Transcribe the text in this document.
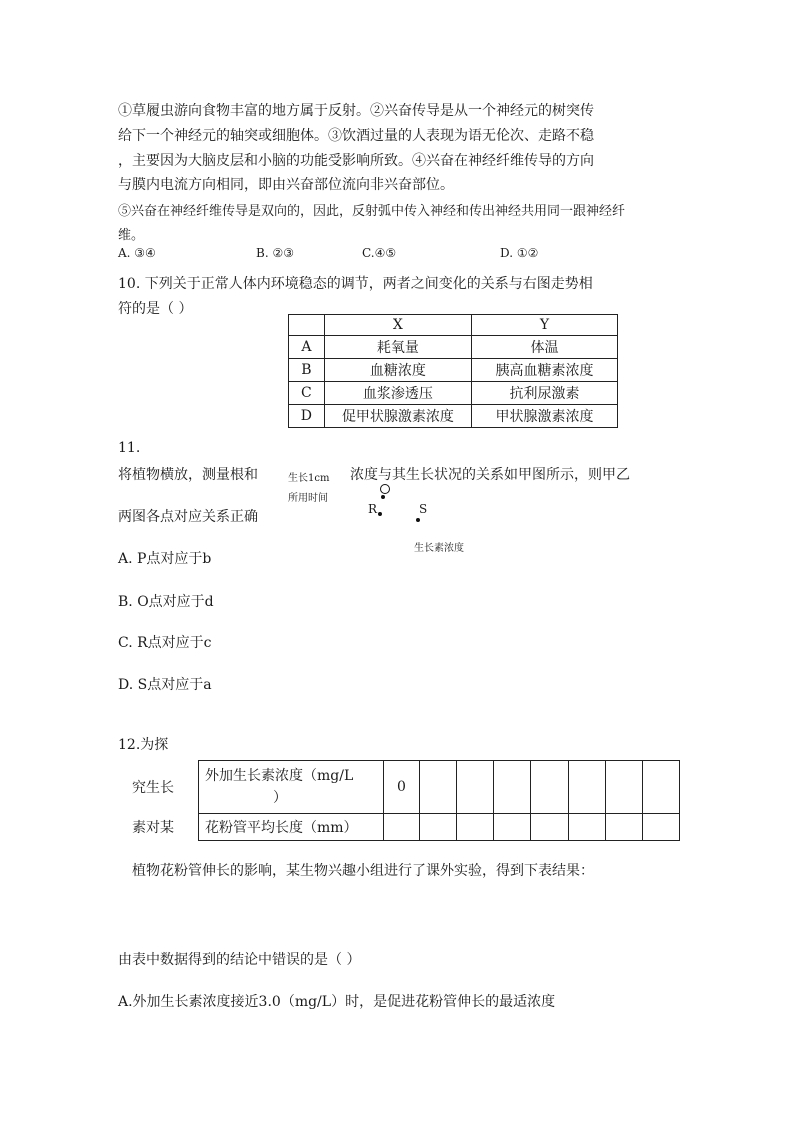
①草履虫游向食物丰富的地方属于反射。②兴奋传导是从一个神经元的树突传
给下一个神经元的轴突或细胞体。③饮酒过量的人表现为语无伦次、走路不稳
，主要因为大脑皮层和小脑的功能受影响所致。④兴奋在神经纤维传导的方向
与膜内电流方向相同，即由兴奋部位流向非兴奋部位。
⑤兴奋在神经纤维传导是双向的，因此，反射弧中传入神经和传出神经共用同一跟神经纤
维。
A. ③④	B. ②③	C.④⑤	D. ①②
10. 下列关于正常人体内环境稳态的调节，两者之间变化的关系与右图走势相
符的是（ ）
	X	Y
A	耗氧量	体温
B	血糖浓度	胰高血糖素浓度
C	血浆渗透压	抗利尿激素
D	促甲状腺激素浓度	甲状腺激素浓度
11.
将植物横放，测量根和	浓度与其生长状况的关系如甲图所示，则甲乙
两图各点对应关系正确
生长1cm
所用时间
R	S
生长素浓度
A. P点对应于b
B. O点对应于d
C. R点对应于c
D. S点对应于a
12.为探
究生长
素对某
外加生长素浓度（mg/L
）	0							
花粉管平均长度（mm）								
植物花粉管伸长的影响，某生物兴趣小组进行了课外实验，得到下表结果：
由表中数据得到的结论中错误的是（ ）
A.外加生长素浓度接近3.0（mg/L）时，是促进花粉管伸长的最适浓度
